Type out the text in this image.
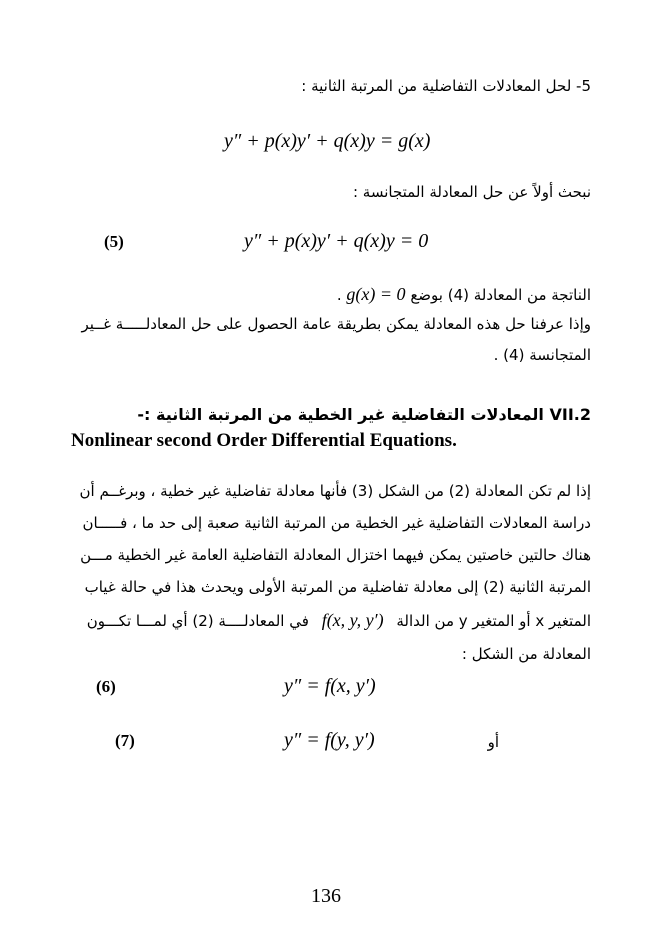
5- لحل المعادلات التفاضلية من المرتبة الثانية :
y″ + p(x)y′ + q(x)y = g(x)
نبحث أولاً عن حل المعادلة المتجانسة :
(5)	y″ + p(x)y′ + q(x)y = 0
الناتجة من المعادلة (4) بوضع g(x) = 0 .
وإذا عرفنا حل هذه المعادلة يمكن بطريقة عامة الحصول على حل المعادلـــــة غــير
المتجانسة (4) .
2.VII المعادلات التفاضلية غير الخطية من المرتبة الثانية :-
Nonlinear second Order Differential Equations.
إذا لم تكن المعادلة (2) من الشكل (3) فأنها معادلة تفاضلية غير خطية ، وبرغــم أن
دراسة المعادلات التفاضلية غير الخطية من المرتبة الثانية صعبة إلى حد ما ، فـــــان
هناك حالتين خاصتين يمكن فيهما اختزال المعادلة التفاضلية العامة غير الخطية مـــن
المرتبة الثانية (2) إلى معادلة تفاضلية من المرتبة الأولى ويحدث هذا في حالة غياب
المتغير x أو المتغير y من الدالة f(x, y, y′) في المعادلــــة (2) أي لمـــا تكـــون
المعادلة من الشكل :
(6)	y″ = f(x, y′)
(7)	y″ = f(y, y′)	أو
136
